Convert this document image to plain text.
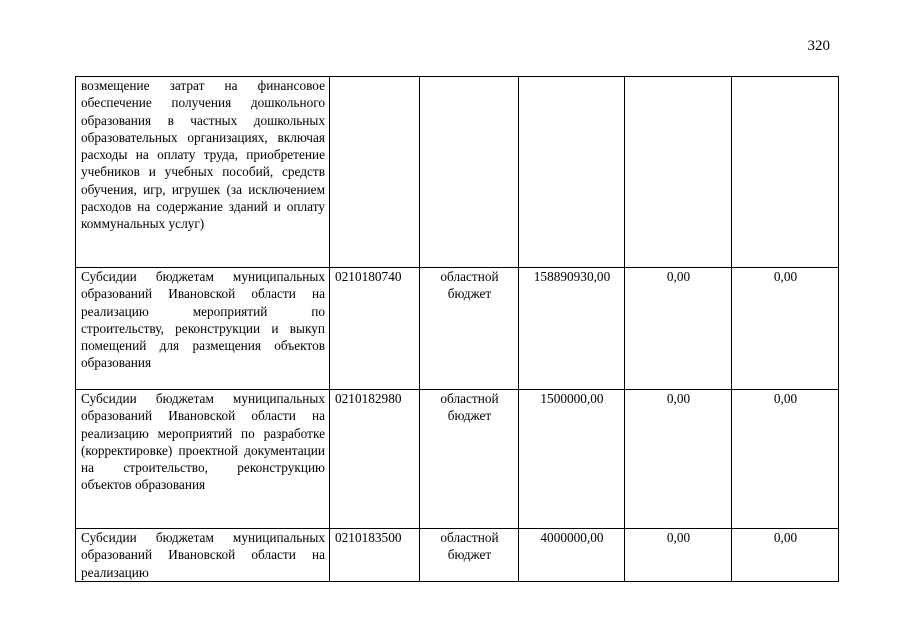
320
возмещение затрат на финансовое обеспечение получения дошкольного образования в частных дошкольных образовательных организациях, включая расходы на оплату труда, приобретение учебников и учебных пособий, средств обучения, игр, игрушек (за исключением расходов на содержание зданий и оплату коммунальных услуг)					
Субсидии бюджетам муниципальных образований Ивановской области на реализацию мероприятий по строительству, реконструкции и выкуп помещений для размещения объектов образования	0210180740	областной бюджет	158890930,00	0,00	0,00
Субсидии бюджетам муниципальных образований Ивановской области на реализацию мероприятий по разработке (корректировке) проектной документации на строительство, реконструкцию объектов образования	0210182980	областной бюджет	1500000,00	0,00	0,00
Субсидии бюджетам муниципальных образований Ивановской области на реализацию	0210183500	областной бюджет	4000000,00	0,00	0,00
